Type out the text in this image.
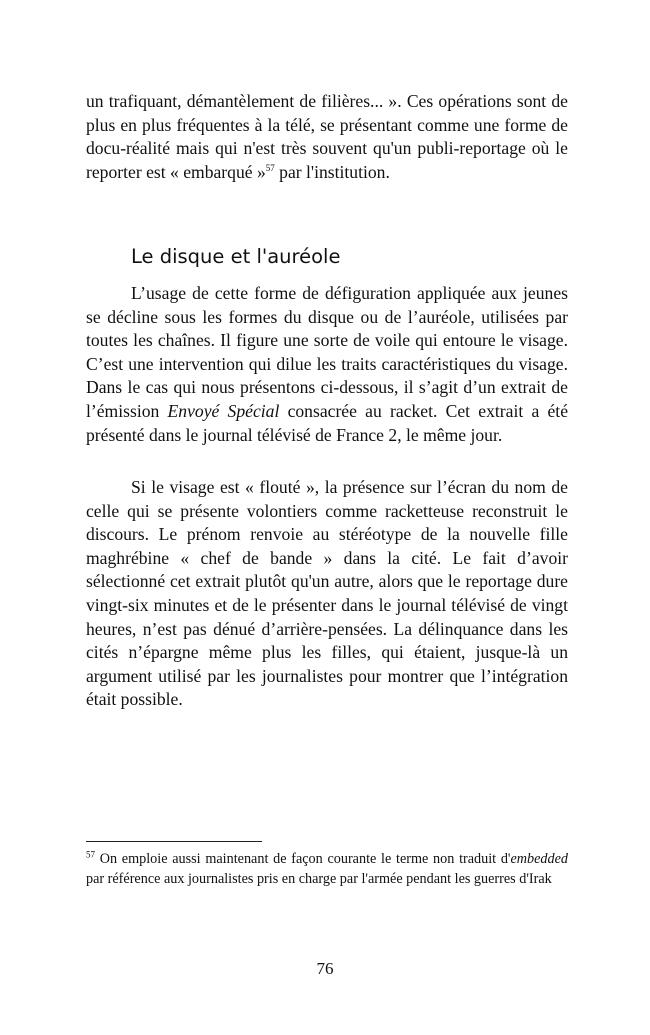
un trafiquant, démantèlement de filières... ». Ces opérations sont de plus en plus fréquentes à la télé, se présentant comme une forme de docu-réalité mais qui n'est très souvent qu'un publi-reportage où le reporter est « embarqué »$^{57}$ par l'institution.

Le disque et l'auréole

L’usage de cette forme de défiguration appliquée aux jeunes se décline sous les formes du disque ou de l’auréole, utilisées par toutes les chaînes. Il figure une sorte de voile qui entoure le visage. C’est une intervention qui dilue les traits caractéristiques du visage. Dans le cas qui nous présentons ci-dessous, il s’agit d’un extrait de l’émission Envoyé Spécial consacrée au racket. Cet extrait a été présenté dans le journal télévisé de France 2, le même jour.

Si le visage est « flouté », la présence sur l’écran du nom de celle qui se présente volontiers comme racketteuse reconstruit le discours. Le prénom renvoie au stéréotype de la nouvelle fille maghrébine « chef de bande » dans la cité. Le fait d’avoir sélectionné cet extrait plutôt qu'un autre, alors que le reportage dure vingt-six minutes et de le présenter dans le journal télévisé de vingt heures, n’est pas dénué d’arrière-pensées. La délinquance dans les cités n’épargne même plus les filles, qui étaient, jusque-là un argument utilisé par les journalistes pour montrer que l’intégration était possible.

$^{57}$ On emploie aussi maintenant de façon courante le terme non traduit d'embedded par référence aux journalistes pris en charge par l'armée pendant les guerres d'Irak

76
